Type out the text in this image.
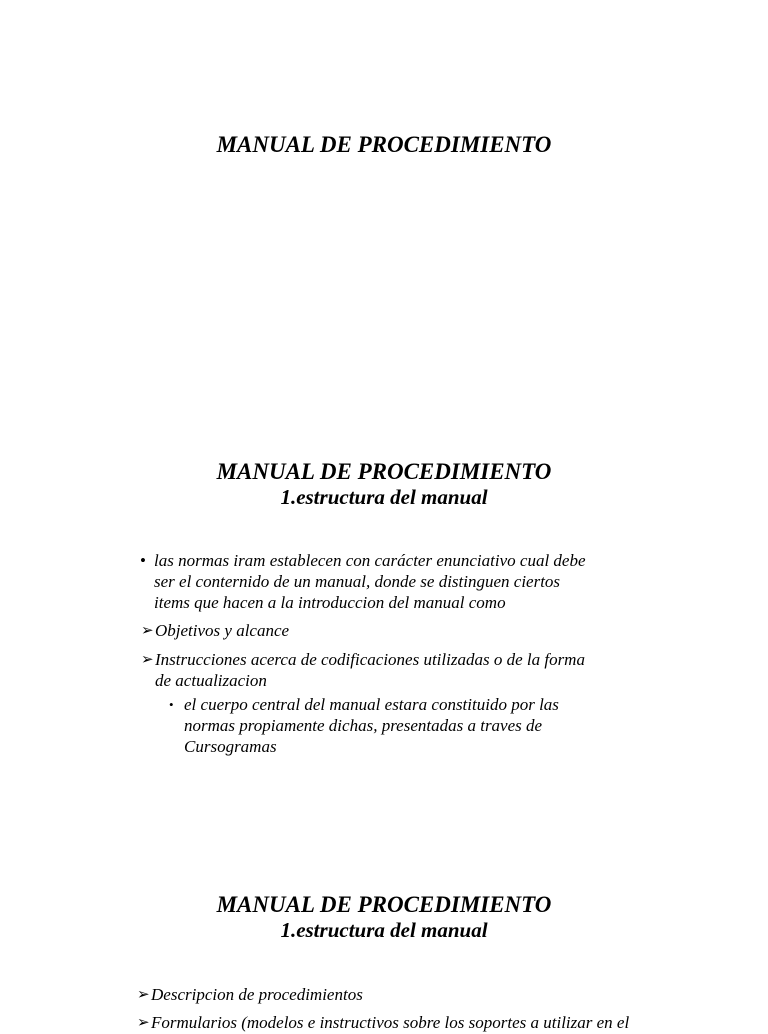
MANUAL DE PROCEDIMIENTO
MANUAL DE PROCEDIMIENTO
1.estructura del manual
• las normas iram establecen con carácter enunciativo cual debe
ser el conternido de un manual, donde se distinguen ciertos
items que hacen a la introduccion del manual como
➢ Objetivos y alcance
➢ Instrucciones acerca de codificaciones utilizadas o de la forma
de actualizacion
• el cuerpo central del manual estara constituido por las
normas propiamente dichas, presentadas a traves de
Cursogramas
MANUAL DE PROCEDIMIENTO
1.estructura del manual
➢ Descripcion de procedimientos
➢ Formularios (modelos e instructivos sobre los soportes a utilizar en el
